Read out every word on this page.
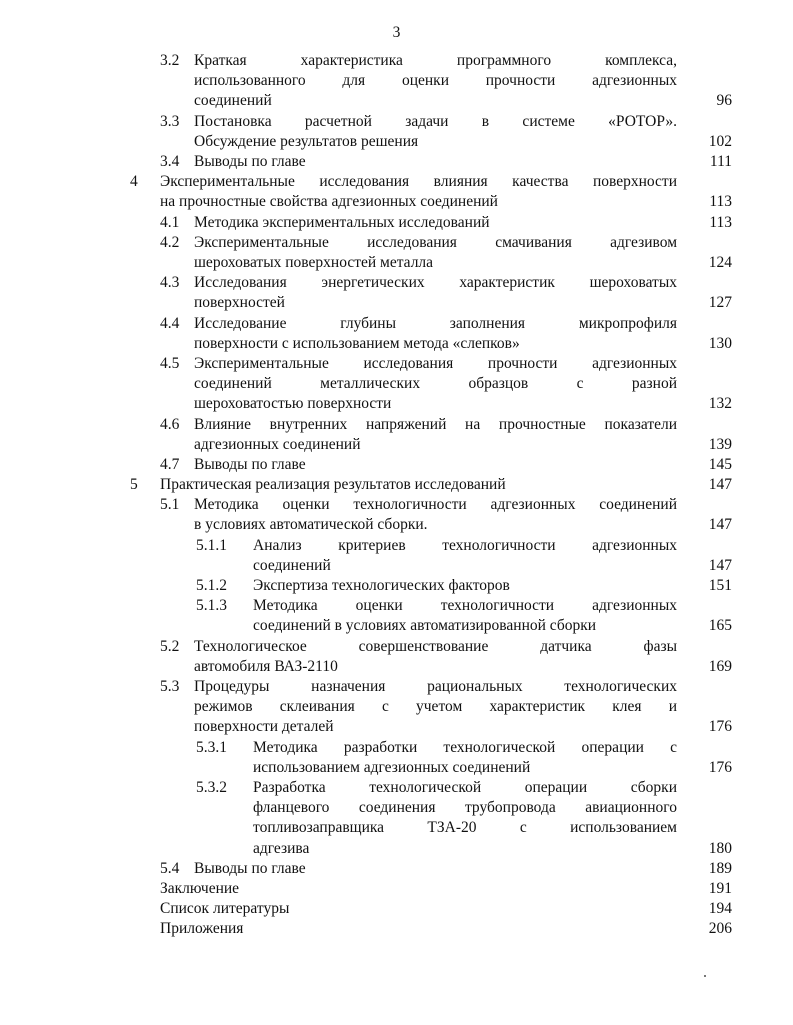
3
3.2 Краткая характеристика программного комплекса,
использованного для оценки прочности адгезионных
соединений	96
3.3 Постановка расчетной задачи в системе «РОТОР».
Обсуждение результатов решения	102
3.4 Выводы по главе	111
4 Экспериментальные исследования влияния качества поверхности
на прочностные свойства адгезионных соединений	113
4.1 Методика экспериментальных исследований	113
4.2 Экспериментальные исследования смачивания адгезивом
шероховатых поверхностей металла	124
4.3 Исследования энергетических характеристик шероховатых
поверхностей	127
4.4 Исследование глубины заполнения микропрофиля
поверхности с использованием метода «слепков»	130
4.5 Экспериментальные исследования прочности адгезионных
соединений металлических образцов с разной
шероховатостью поверхности	132
4.6 Влияние внутренних напряжений на прочностные показатели
адгезионных соединений	139
4.7 Выводы по главе	145
5 Практическая реализация результатов исследований	147
5.1 Методика оценки технологичности адгезионных соединений
в условиях автоматической сборки.	147
5.1.1 Анализ критериев технологичности адгезионных
соединений	147
5.1.2 Экспертиза технологических факторов	151
5.1.3 Методика оценки технологичности адгезионных
соединений в условиях автоматизированной сборки	165
5.2 Технологическое совершенствование датчика фазы
автомобиля ВАЗ-2110	169
5.3 Процедуры назначения рациональных технологических
режимов склеивания с учетом характеристик клея и
поверхности деталей	176
5.3.1 Методика разработки технологической операции с
использованием адгезионных соединений	176
5.3.2 Разработка технологической операции сборки
фланцевого соединения трубопровода авиационного
топливозаправщика ТЗА-20 с использованием
адгезива	180
5.4 Выводы по главе	189
Заключение	191
Список литературы	194
Приложения	206
